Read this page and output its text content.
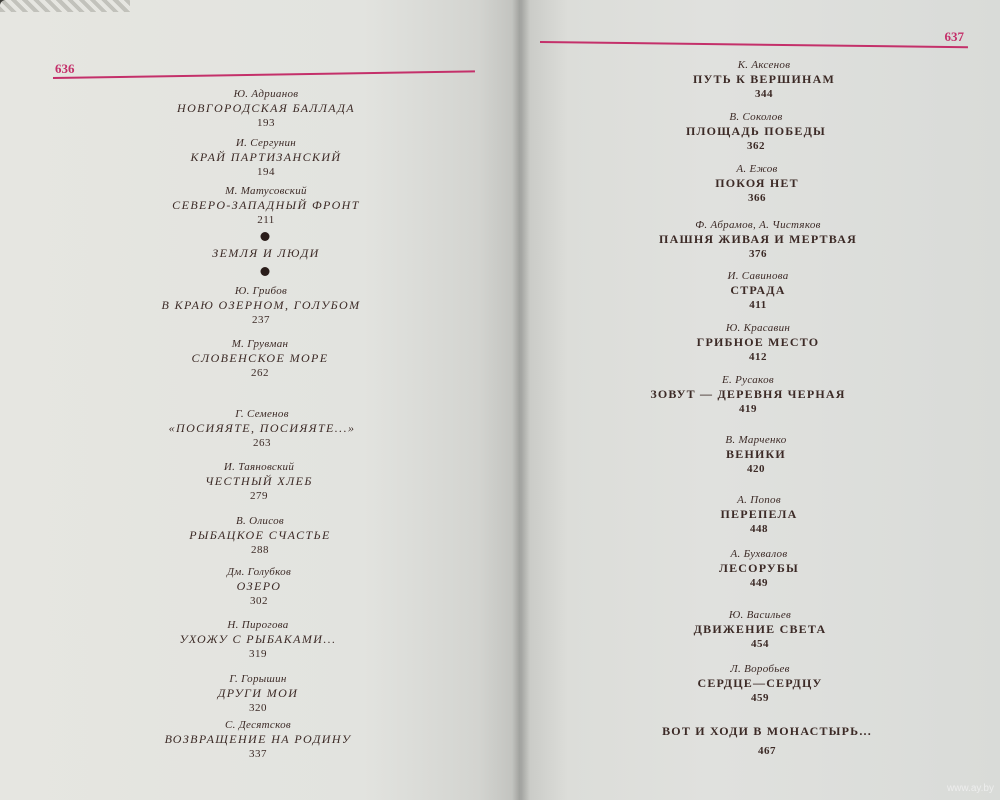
636
Ю. Адрианов
НОВГОРОДСКАЯ БАЛЛАДА
193
И. Сергунин
КРАЙ ПАРТИЗАНСКИЙ
194
М. Матусовский
СЕВЕРО-ЗАПАДНЫЙ ФРОНТ
211
ЗЕМЛЯ И ЛЮДИ
Ю. Грибов
В КРАЮ ОЗЕРНОМ, ГОЛУБОМ
237
М. Грувман
СЛОВЕНСКОЕ МОРЕ
262
Г. Семенов
«ПОСИЯЯТЕ, ПОСИЯЯТЕ...»
263
И. Таяновский
ЧЕСТНЫЙ ХЛЕБ
279
В. Олисов
РЫБАЦКОЕ СЧАСТЬЕ
288
Дм. Голубков
ОЗЕРО
302
Н. Пирогова
УХОЖУ С РЫБАКАМИ...
319
Г. Горышин
ДРУГИ МОИ
320
С. Десятсков
ВОЗВРАЩЕНИЕ НА РОДИНУ
337
637
К. Аксенов
ПУТЬ К ВЕРШИНАМ
344
В. Соколов
ПЛОЩАДЬ ПОБЕДЫ
362
А. Ежов
ПОКОЯ НЕТ
366
Ф. Абрамов, А. Чистяков
ПАШНЯ ЖИВАЯ И МЕРТВАЯ
376
И. Савинова
СТРАДА
411
Ю. Красавин
ГРИБНОЕ МЕСТО
412
Е. Русаков
ЗОВУТ — ДЕРЕВНЯ ЧЕРНАЯ
419
В. Марченко
ВЕНИКИ
420
А. Попов
ПЕРЕПЕЛА
448
А. Бухвалов
ЛЕСОРУБЫ
449
Ю. Васильев
ДВИЖЕНИЕ СВЕТА
454
Л. Воробьев
СЕРДЦЕ—СЕРДЦУ
459
ВОТ И ХОДИ В МОНАСТЫРЬ...
467
www.ay.by
